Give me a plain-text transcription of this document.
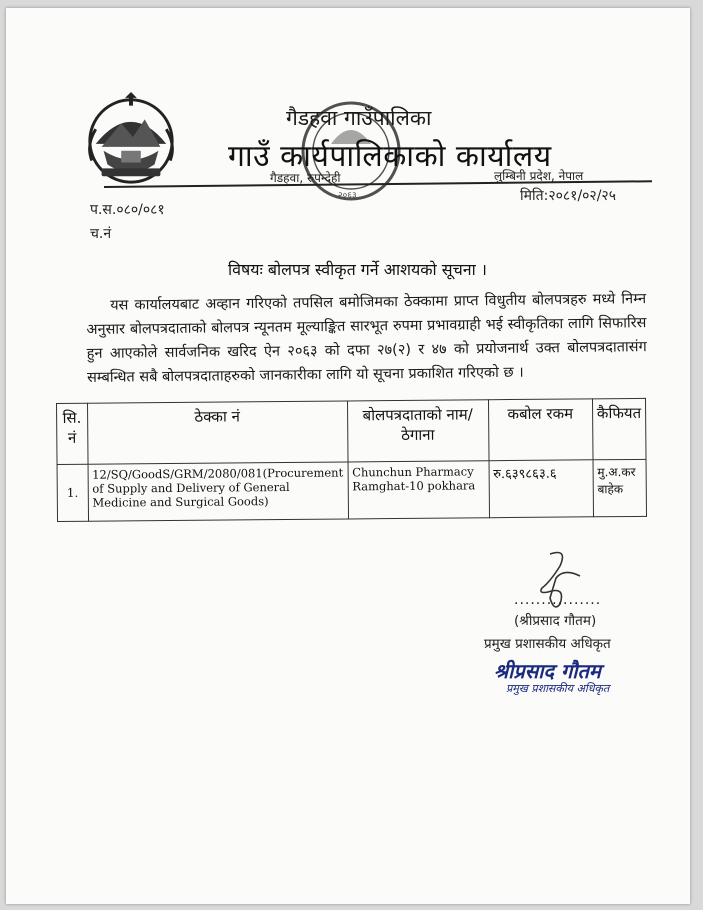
२०६३
गैडहवा गाउँपालिका
गाउँ कार्यपालिकाको कार्यालय
गैडहवा, रुपन्देही	लुम्बिनी प्रदेश, नेपाल
प.स.०८०/०८१
मिति:२०८१/०२/२५
च.नं
विषयः बोलपत्र स्वीकृत गर्ने आशयको सूचना ।
यस कार्यालयबाट अव्हान गरिएको तपसिल बमोजिमका ठेक्कामा प्राप्त विधुतीय बोलपत्रहरु मध्ये निम्न अनुसार बोलपत्रदाताको बोलपत्र न्यूनतम मूल्याङ्कित सारभूत रुपमा प्रभावग्राही भई स्वीकृतिका लागि सिफारिस हुन आएकोले सार्वजनिक खरिद ऐन २०६३ को दफा २७(२) र ४७ को प्रयोजनार्थ उक्त बोलपत्रदातासंग सम्बन्धित सबै बोलपत्रदाताहरुको जानकारीका लागि यो सूचना प्रकाशित गरिएको छ ।
सि. नं	ठेक्का नं	बोलपत्रदाताको नाम/ठेगाना	कबोल रकम	कैफियत
1.	12/SQ/GoodS/GRM/2080/081(Procurement of Supply and Delivery of General Medicine and Surgical Goods)	Chunchun Pharmacy
Ramghat-10 pokhara	रु.६३९८६३.६	मु.अ.कर बाहेक
................
(श्रीप्रसाद गौतम)
प्रमुख प्रशासकीय अधिकृत
श्रीप्रसाद गौतम
प्रमुख प्रशासकीय अधिकृत
